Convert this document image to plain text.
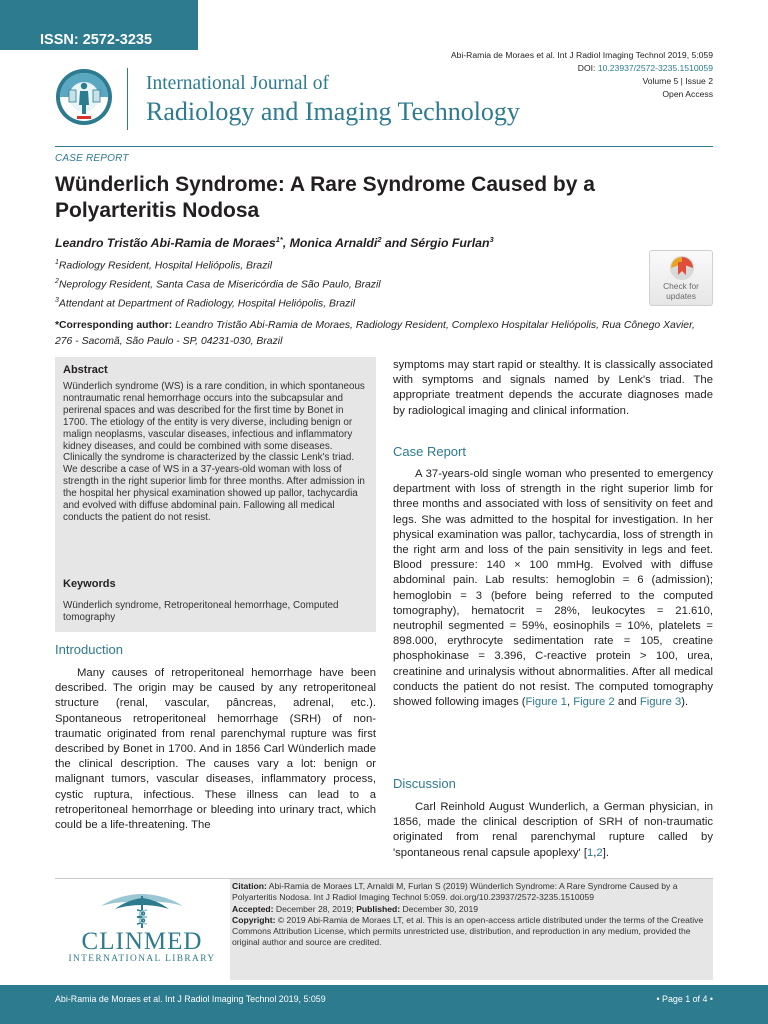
ISSN: 2572-3235
Abi-Ramia de Moraes et al. Int J Radiol Imaging Technol 2019, 5:059
DOI: 10.23937/2572-3235.1510059
Volume 5 | Issue 2
Open Access
International Journal of
Radiology and Imaging Technology
CASE REPORT
Wünderlich Syndrome: A Rare Syndrome Caused by a Polyarteritis Nodosa
Leandro Tristão Abi-Ramia de Moraes$^{1*}$, Monica Arnaldi$^2$ and Sérgio Furlan$^3$
$^1$Radiology Resident, Hospital Heliópolis, Brazil
$^2$Neprology Resident, Santa Casa de Misericórdia de São Paulo, Brazil
$^3$Attendant at Department of Radiology, Hospital Heliópolis, Brazil
Check for updates
*Corresponding author: Leandro Tristão Abi-Ramia de Moraes, Radiology Resident, Complexo Hospitalar Heliópolis, Rua Cônego Xavier, 276 - Sacomã, São Paulo - SP, 04231-030, Brazil
Abstract
Wünderlich syndrome (WS) is a rare condition, in which spontaneous nontraumatic renal hemorrhage occurs into the subcapsular and perirenal spaces and was described for the first time by Bonet in 1700. The etiology of the entity is very diverse, including benign or malign neoplasms, vascular diseases, infectious and inflammatory kidney diseases, and could be combined with some diseases. Clinically the syndrome is characterized by the classic Lenk's triad. We describe a case of WS in a 37-years-old woman with loss of strength in the right superior limb for three months. After admission in the hospital her physical examination showed up pallor, tachycardia and evolved with diffuse abdominal pain. Fallowing all medical conducts the patient do not resist.
Keywords
Wünderlich syndrome, Retroperitoneal hemorrhage, Computed tomography
Introduction

Many causes of retroperitoneal hemorrhage have been described. The origin may be caused by any retroperitoneal structure (renal, vascular, pâncreas, adrenal, etc.). Spontaneous retroperitoneal hemorrhage (SRH) of non-traumatic originated from renal parenchymal rupture was first described by Bonet in 1700. And in 1856 Carl Wünderlich made the clinical description. The causes vary a lot: benign or malignant tumors, vascular diseases, inflammatory process, cystic ruptura, infectious. These illness can lead to a retroperitoneal hemorrhage or bleeding into urinary tract, which could be a life-threatening. The

symptoms may start rapid or stealthy. It is classically associated with symptoms and signals named by Lenk's triad. The appropriate treatment depends the accurate diagnoses made by radiological imaging and clinical information.
Case Report

A 37-years-old single woman who presented to emergency department with loss of strength in the right superior limb for three months and associated with loss of sensitivity on feet and legs. She was admitted to the hospital for investigation. In her physical examination was pallor, tachycardia, loss of strength in the right arm and loss of the pain sensitivity in legs and feet. Blood pressure: 140 × 100 mmHg. Evolved with diffuse abdominal pain. Lab results: hemoglobin = 6 (admission); hemoglobin = 3 (before being referred to the computed tomography), hematocrit = 28%, leukocytes = 21.610, neutrophil segmented = 59%, eosinophils = 10%, platelets = 898.000, erythrocyte sedimentation rate = 105, creatine phosphokinase = 3.396, C-reactive protein > 100, urea, creatinine and urinalysis without abnormalities. After all medical conducts the patient do not resist. The computed tomography showed following images (Figure 1, Figure 2 and Figure 3).

Discussion

Carl Reinhold August Wunderlich, a German physician, in 1856, made the clinical description of SRH of non-traumatic originated from renal parenchymal rupture called by 'spontaneous renal capsule apoplexy' [1,2].

CLINMED
INTERNATIONAL LIBRARY
Citation: Abi-Ramia de Moraes LT, Arnaldi M, Furlan S (2019) Wünderlich Syndrome: A Rare Syndrome Caused by a Polyarteritis Nodosa. Int J Radiol Imaging Technol 5:059. doi.org/10.23937/2572-3235.1510059
Accepted: December 28, 2019; Published: December 30, 2019
Copyright: © 2019 Abi-Ramia de Moraes LT, et al. This is an open-access article distributed under the terms of the Creative Commons Attribution License, which permits unrestricted use, distribution, and reproduction in any medium, provided the original author and source are credited.
Abi-Ramia de Moraes et al. Int J Radiol Imaging Technol 2019, 5:059	• Page 1 of 4 •
